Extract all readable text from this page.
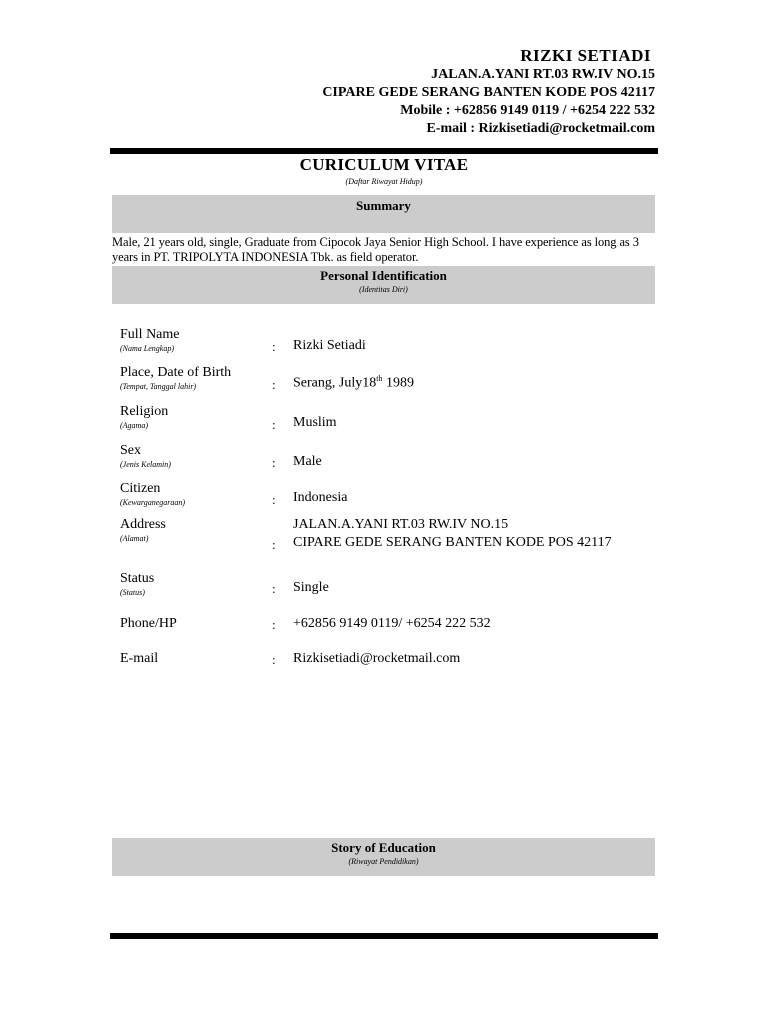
RIZKI SETIADI
JALAN.A.YANI RT.03 RW.IV NO.15
CIPARE GEDE SERANG BANTEN KODE POS 42117
Mobile : +62856 9149 0119 / +6254 222 532
E-mail : Rizkisetiadi@rocketmail.com
CURICULUM VITAE
(Daftar Riwayat Hidup)
Summary
Male, 21 years old, single, Graduate from Cipocok Jaya Senior High School. I have experience as long as 3 years in PT. TRIPOLYTA INDONESIA Tbk. as field operator.
Personal Identification
(Identitas Diri)
Full Name
(Nama Lengkap)	: Rizki Setiadi
Place, Date of Birth
(Tempat, Tanggal lahir)	: Serang, July18th 1989
Religion
(Agama)	: Muslim
Sex
(Jenis Kelamin)	: Male
Citizen
(Kewarganegaraan)	: Indonesia
Address
(Alamat)	:
JALAN.A.YANI RT.03 RW.IV NO.15
CIPARE GEDE SERANG BANTEN KODE POS 42117
Status
(Status)	: Single
Phone/HP	: +62856 9149 0119/ +6254 222 532
E-mail	: Rizkisetiadi@rocketmail.com
Story of Education
(Riwayat Pendidikan)
